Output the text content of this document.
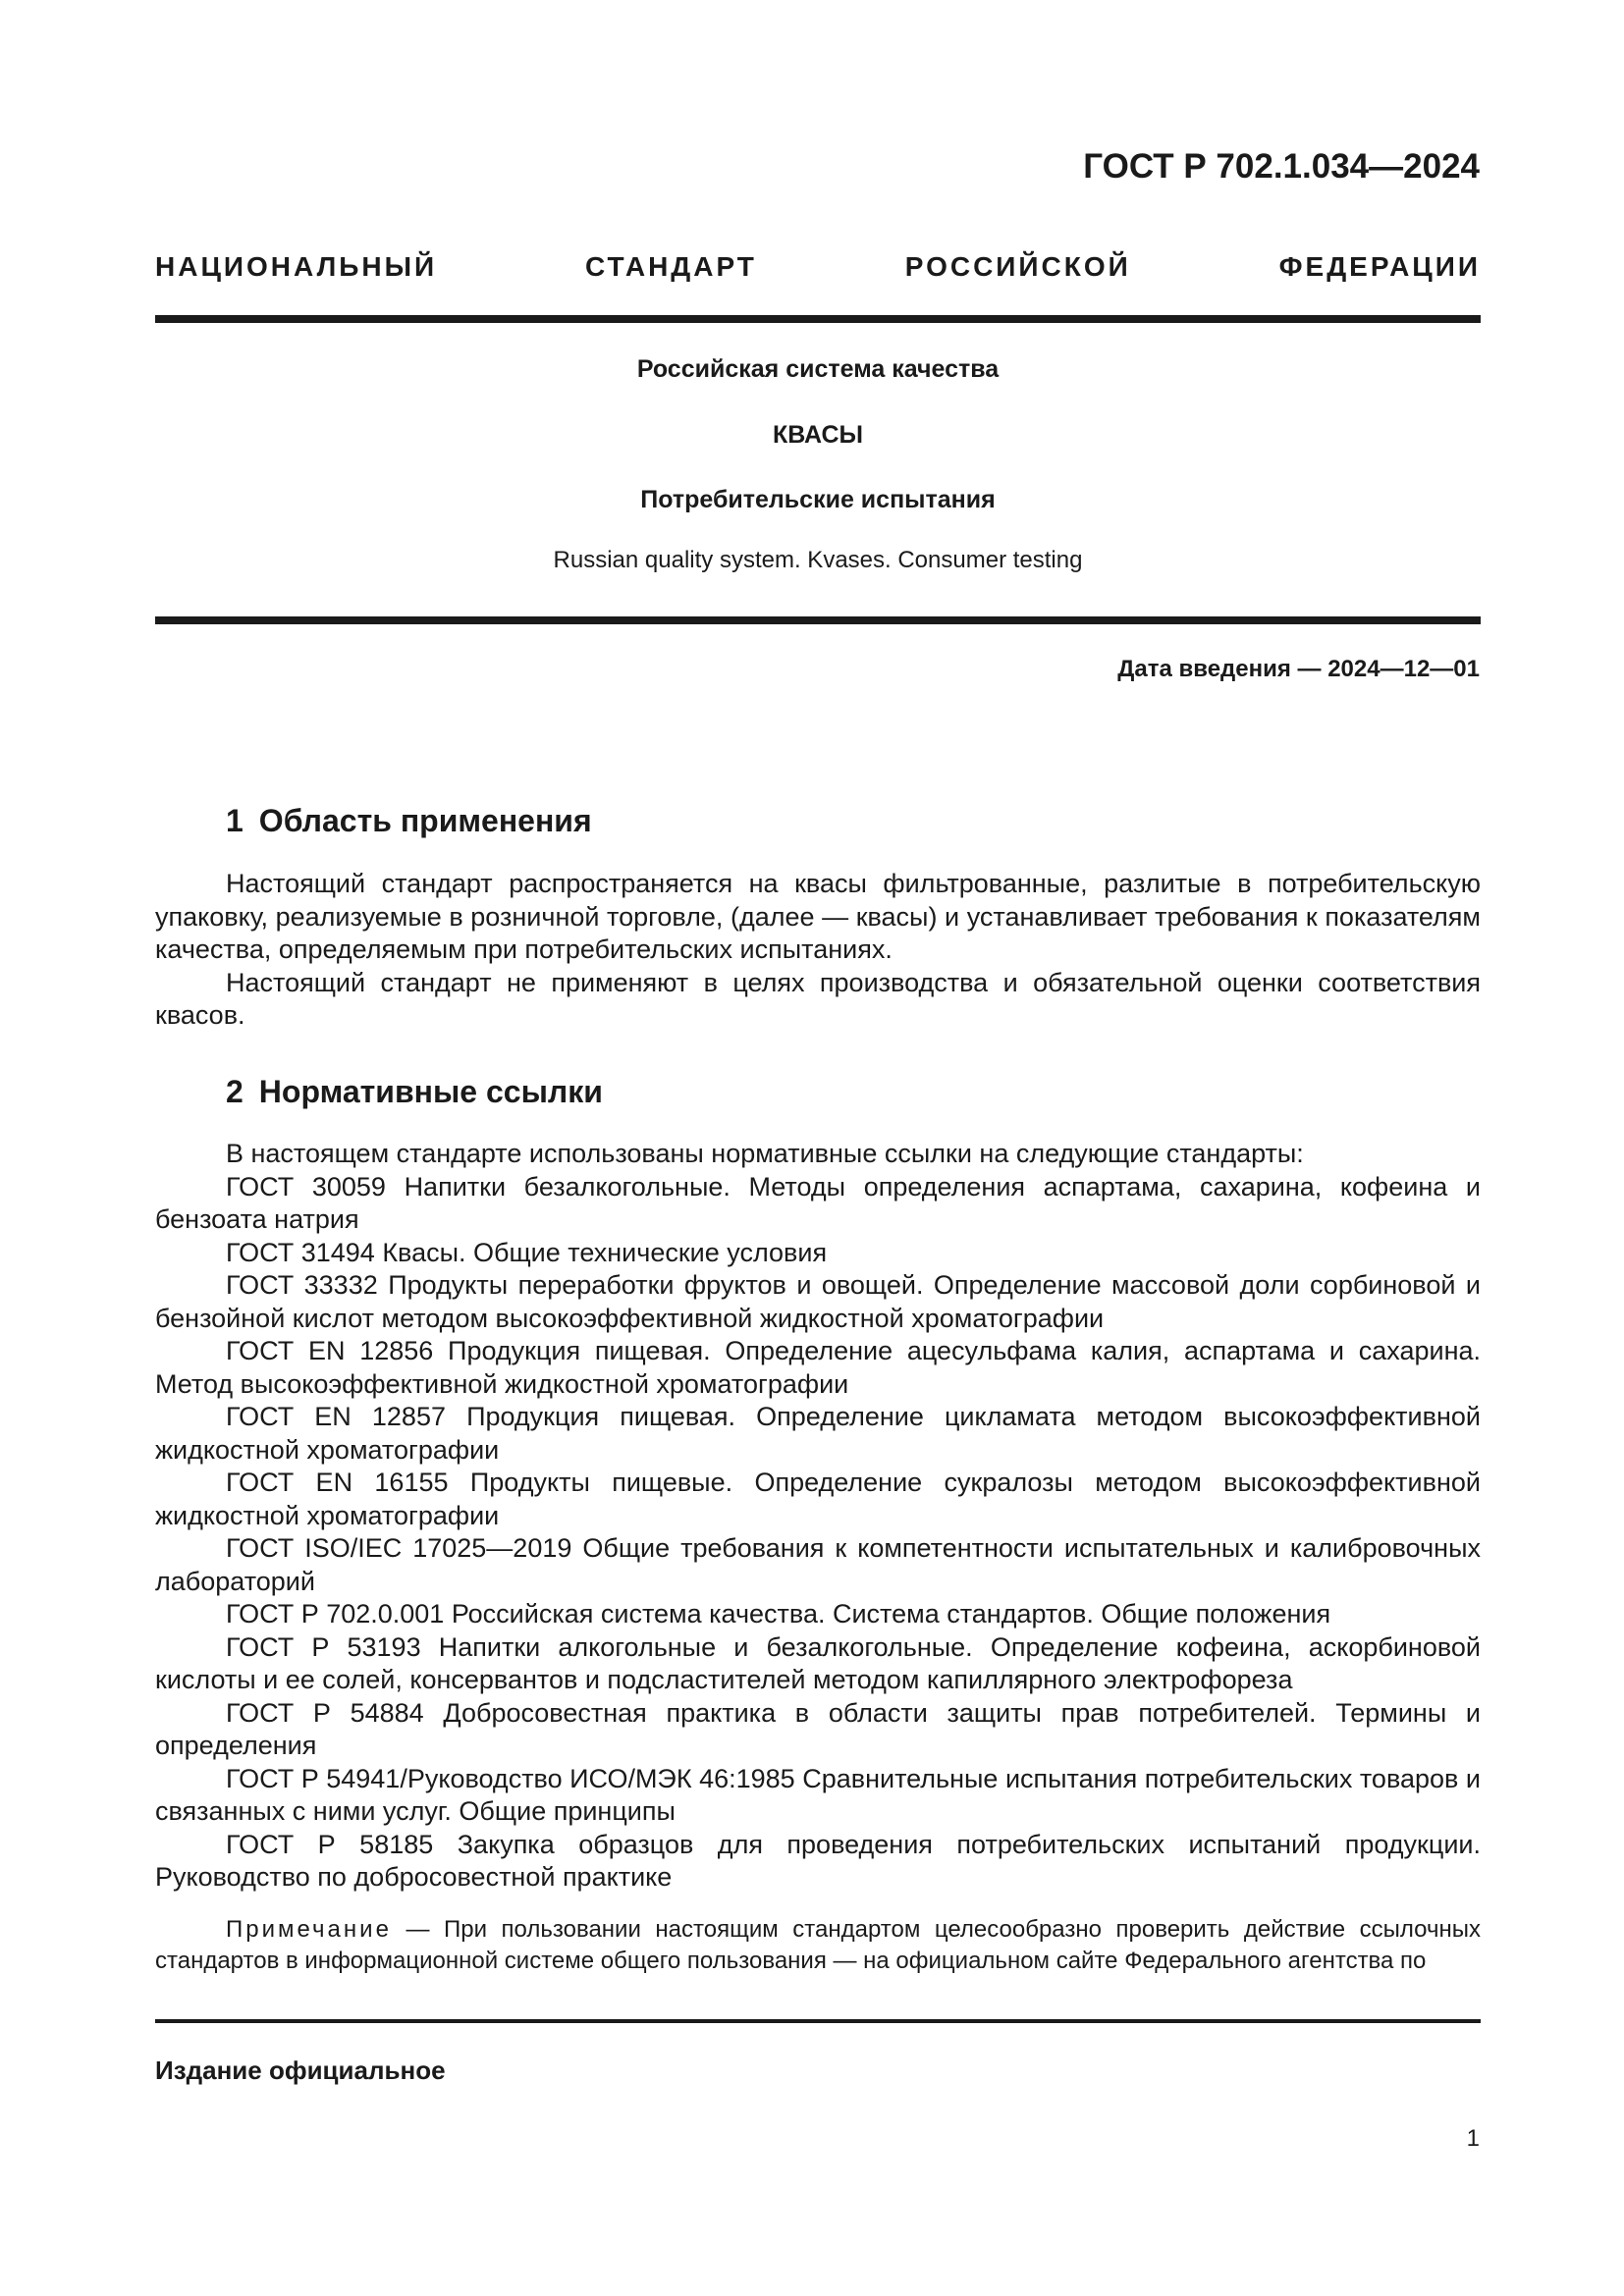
ГОСТ Р 702.1.034—2024
НАЦИОНАЛЬНЫЙ СТАНДАРТ РОССИЙСКОЙ ФЕДЕРАЦИИ
Российская система качества
КВАСЫ
Потребительские испытания
Russian quality system. Kvases. Consumer testing
Дата введения — 2024—12—01
1 Область применения

Настоящий стандарт распространяется на квасы фильтрованные, разлитые в потребительскую упаковку, реализуемые в розничной торговле, (далее — квасы) и устанавливает требования к показателям качества, определяемым при потребительских испытаниях.

Настоящий стандарт не применяют в целях производства и обязательной оценки соответствия квасов.

2 Нормативные ссылки

В настоящем стандарте использованы нормативные ссылки на следующие стандарты:

ГОСТ 30059 Напитки безалкогольные. Методы определения аспартама, сахарина, кофеина и бензоата натрия

ГОСТ 31494 Квасы. Общие технические условия

ГОСТ 33332 Продукты переработки фруктов и овощей. Определение массовой доли сорбиновой и бензойной кислот методом высокоэффективной жидкостной хроматографии

ГОСТ EN 12856 Продукция пищевая. Определение ацесульфама калия, аспартама и сахарина. Метод высокоэффективной жидкостной хроматографии

ГОСТ EN 12857 Продукция пищевая. Определение цикламата методом высокоэффективной жидкостной хроматографии

ГОСТ EN 16155 Продукты пищевые. Определение сукралозы методом высокоэффективной жидкостной хроматографии

ГОСТ ISO/IEC 17025—2019 Общие требования к компетентности испытательных и калибровочных лабораторий

ГОСТ Р 702.0.001 Российская система качества. Система стандартов. Общие положения

ГОСТ Р 53193 Напитки алкогольные и безалкогольные. Определение кофеина, аскорбиновой кислоты и ее солей, консервантов и подсластителей методом капиллярного электрофореза

ГОСТ Р 54884 Добросовестная практика в области защиты прав потребителей. Термины и определения

ГОСТ Р 54941/Руководство ИСО/МЭК 46:1985 Сравнительные испытания потребительских товаров и связанных с ними услуг. Общие принципы

ГОСТ Р 58185 Закупка образцов для проведения потребительских испытаний продукции. Руководство по добросовестной практике

Примечание — При пользовании настоящим стандартом целесообразно проверить действие ссылочных стандартов в информационной системе общего пользования — на официальном сайте Федерального агентства по
Издание официальное
1
